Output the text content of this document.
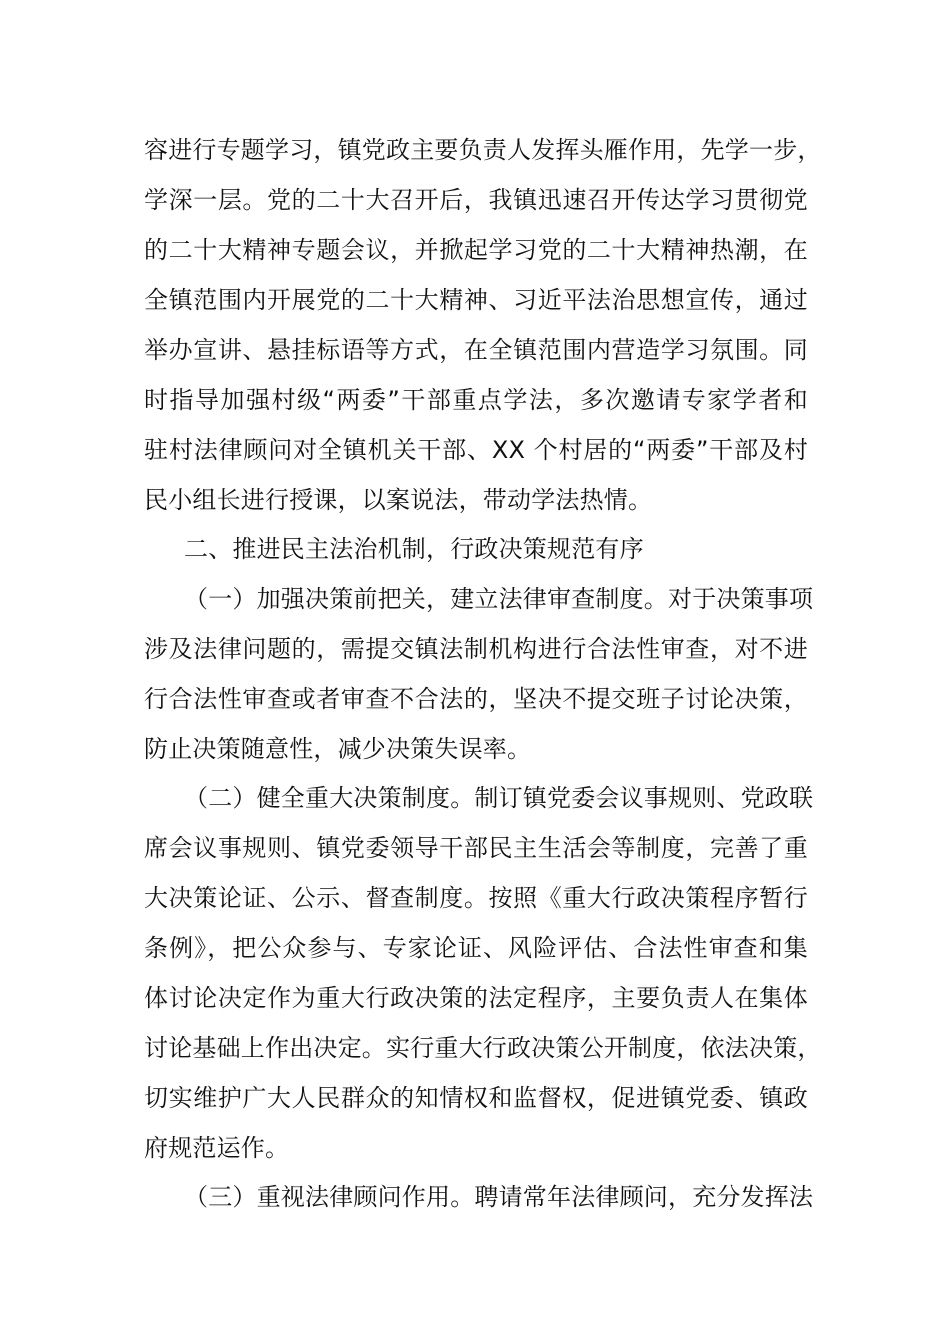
容进行专题学习，镇党政主要负责人发挥头雁作用，先学一步，
学深一层。党的二十大召开后，我镇迅速召开传达学习贯彻党
的二十大精神专题会议，并掀起学习党的二十大精神热潮，在
全镇范围内开展党的二十大精神、习近平法治思想宣传，通过
举办宣讲、悬挂标语等方式，在全镇范围内营造学习氛围。同
时指导加强村级“两委”干部重点学法，多次邀请专家学者和
驻村法律顾问对全镇机关干部、XX 个村居的“两委”干部及村
民小组长进行授课，以案说法，带动学法热情。
二、推进民主法治机制，行政决策规范有序
（一）加强决策前把关，建立法律审查制度。对于决策事项
涉及法律问题的，需提交镇法制机构进行合法性审查，对不进
行合法性审查或者审查不合法的，坚决不提交班子讨论决策，
防止决策随意性，减少决策失误率。
（二）健全重大决策制度。制订镇党委会议事规则、党政联
席会议事规则、镇党委领导干部民主生活会等制度，完善了重
大决策论证、公示、督查制度。按照《重大行政决策程序暂行
条例》，把公众参与、专家论证、风险评估、合法性审查和集
体讨论决定作为重大行政决策的法定程序，主要负责人在集体
讨论基础上作出决定。实行重大行政决策公开制度，依法决策，
切实维护广大人民群众的知情权和监督权，促进镇党委、镇政
府规范运作。
（三）重视法律顾问作用。聘请常年法律顾问，充分发挥法
